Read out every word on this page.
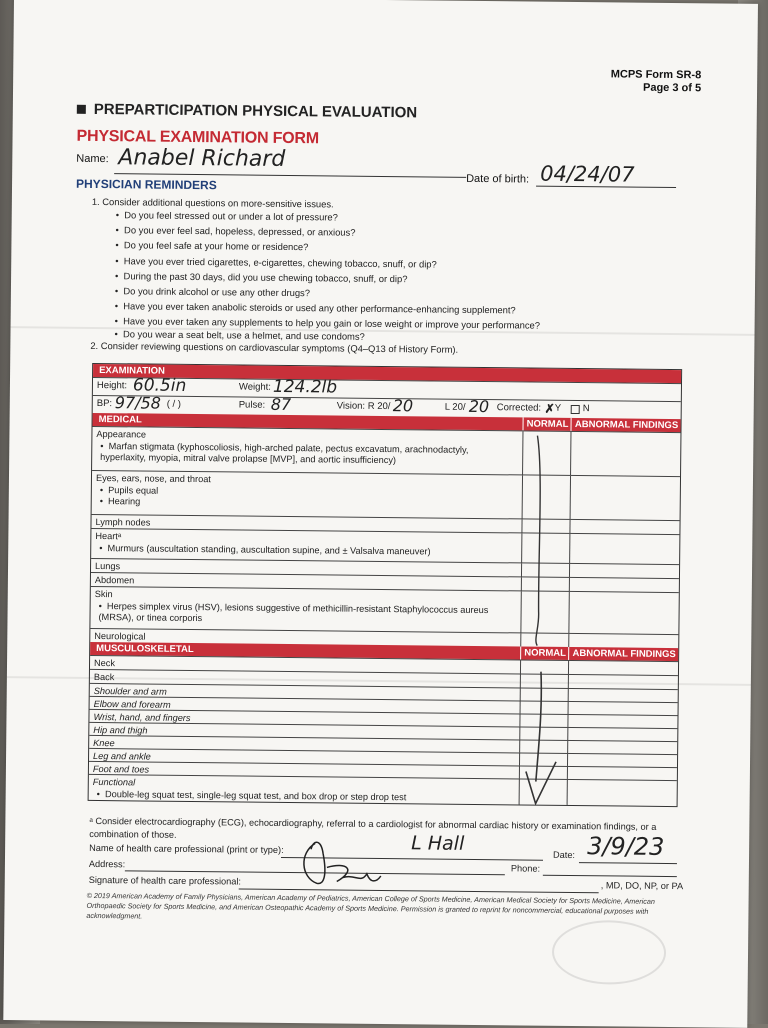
MCPS Form SR-8
Page 3 of 5
PREPARTICIPATION PHYSICAL EVALUATION
PHYSICAL EXAMINATION FORM
Name: Anabel Richard
Date of birth: 04/24/07
PHYSICIAN REMINDERS
1. Consider additional questions on more-sensitive issues.
•  Do you feel stressed out or under a lot of pressure?
•  Do you ever feel sad, hopeless, depressed, or anxious?
•  Do you feel safe at your home or residence?
•  Have you ever tried cigarettes, e-cigarettes, chewing tobacco, snuff, or dip?
•  During the past 30 days, did you use chewing tobacco, snuff, or dip?
•  Do you drink alcohol or use any other drugs?
•  Have you ever taken anabolic steroids or used any other performance-enhancing supplement?
•  Have you ever taken any supplements to help you gain or lose weight or improve your performance?
•  Do you wear a seat belt, use a helmet, and use condoms?
2. Consider reviewing questions on cardiovascular symptoms (Q4–Q13 of History Form).
EXAMINATION
Height: 60.5in	Weight: 124.2lb
BP: 97/58 ( / )	Pulse: 87	Vision: R 20/ 20	L 20/ 20 Corrected: ✗ Y N
MEDICAL	NORMAL ABNORMAL FINDINGS
Appearance
•  Marfan stigmata (kyphoscoliosis, high-arched palate, pectus excavatum, arachnodactyly, hyperlaxity, myopia, mitral valve prolapse [MVP], and aortic insufficiency)
Eyes, ears, nose, and throat
•  Pupils equal
•  Hearing
Lymph nodes
Heartᵃ
•  Murmurs (auscultation standing, auscultation supine, and ± Valsalva maneuver)
Lungs
Abdomen
Skin
•  Herpes simplex virus (HSV), lesions suggestive of methicillin-resistant Staphylococcus aureus (MRSA), or tinea corporis
Neurological
MUSCULOSKELETAL	NORMAL ABNORMAL FINDINGS
Neck
Back
Shoulder and arm
Elbow and forearm
Wrist, hand, and fingers
Hip and thigh
Knee
Leg and ankle
Foot and toes
Functional
•  Double-leg squat test, single-leg squat test, and box drop or step drop test
ᵃ Consider electrocardiography (ECG), echocardiography, referral to a cardiologist for abnormal cardiac history or examination findings, or a combination of those.
Name of health care professional (print or type):	L Hall
Date: 3/9/23
Address:	Phone:
Signature of health care professional:	, MD, DO, NP, or PA
© 2019 American Academy of Family Physicians, American Academy of Pediatrics, American College of Sports Medicine, American Medical Society for Sports Medicine, American Orthopaedic Society for Sports Medicine, and American Osteopathic Academy of Sports Medicine. Permission is granted to reprint for noncommercial, educational purposes with acknowledgment.
